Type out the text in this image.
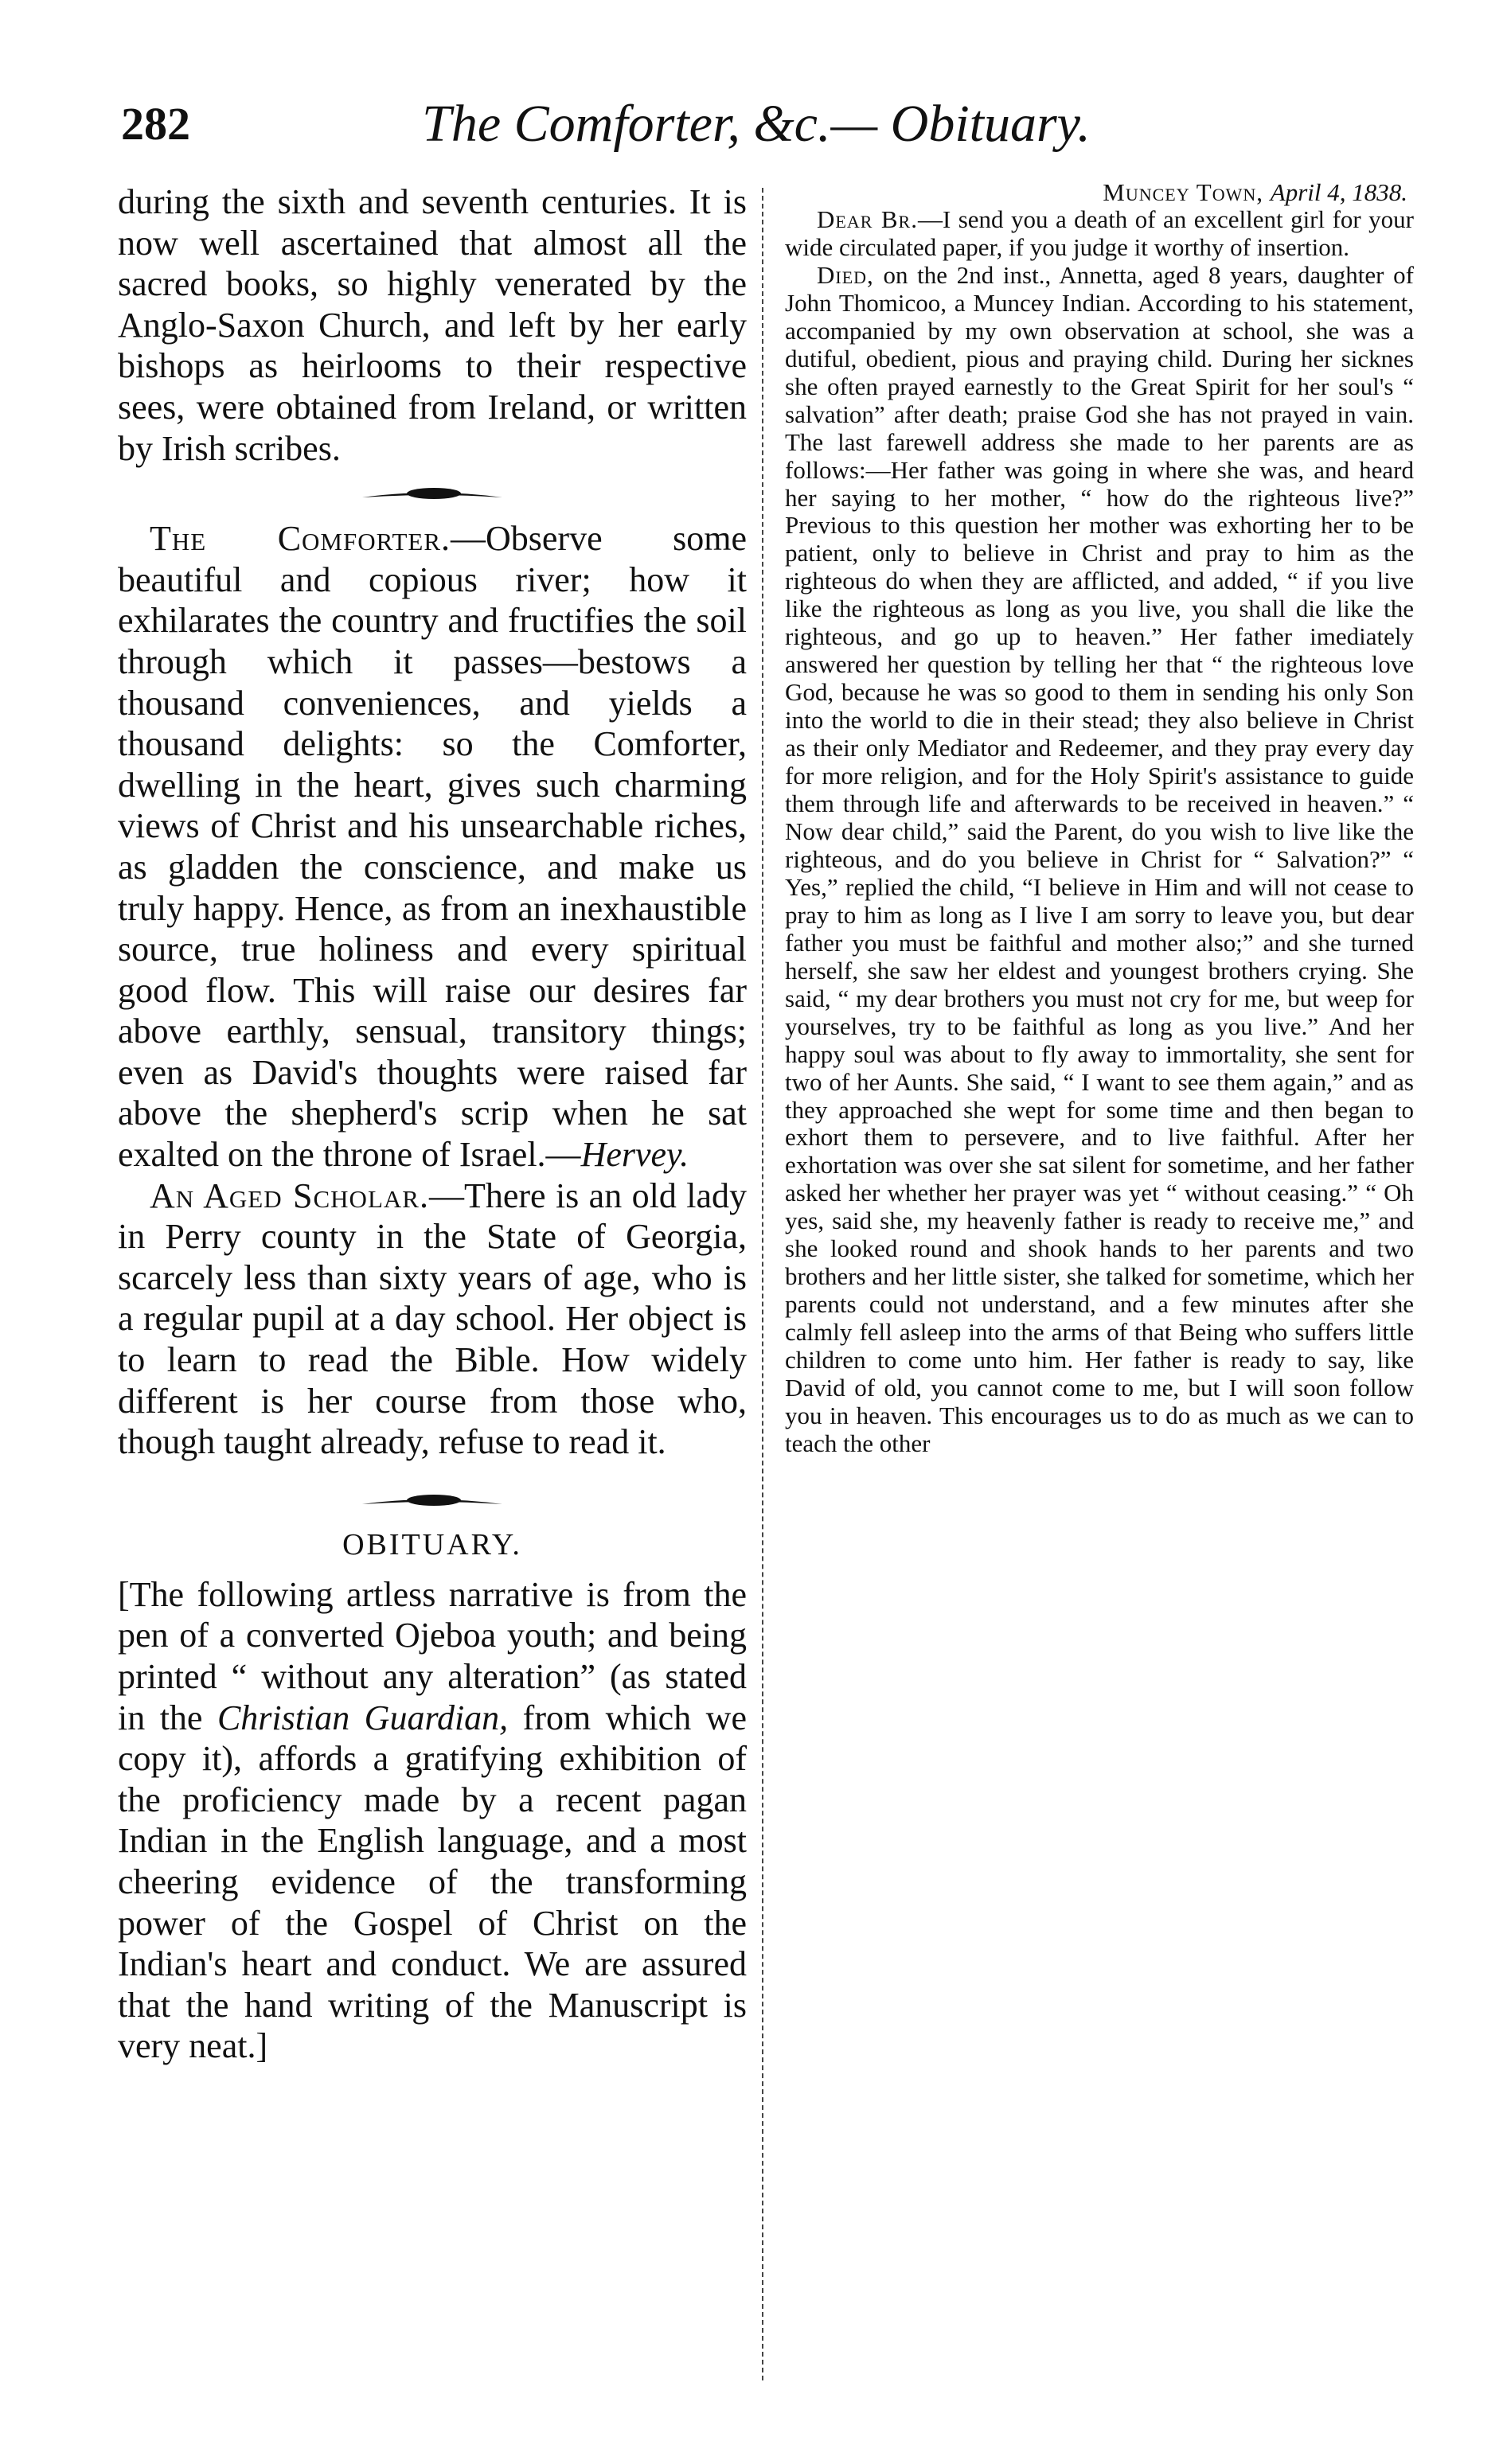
282	The Comforter, &c.— Obituary.

during the sixth and seventh centuries. It is now well ascertained that almost all the sacred books, so highly venerated by the Anglo-Saxon Church, and left by her early bishops as heirlooms to their respective sees, were obtained from Ireland, or written by Irish scribes.

The Comforter.—Observe some beautiful and copious river; how it exhilarates the country and fructifies the soil through which it passes—bestows a thousand conveniences, and yields a thousand delights: so the Comforter, dwelling in the heart, gives such charming views of Christ and his unsearchable riches, as gladden the conscience, and make us truly happy. Hence, as from an inexhaustible source, true holiness and every spiritual good flow. This will raise our desires far above earthly, sensual, transitory things; even as David's thoughts were raised far above the shepherd's scrip when he sat exalted on the throne of Israel.—Hervey.

An Aged Scholar.—There is an old lady in Perry county in the State of Georgia, scarcely less than sixty years of age, who is a regular pupil at a day school. Her object is to learn to read the Bible. How widely different is her course from those who, though taught already, refuse to read it.

OBITUARY.

[The following artless narrative is from the pen of a converted Ojeboa youth; and being printed “ without any alteration” (as stated in the Christian Guardian, from which we copy it), affords a gratifying exhibition of the proficiency made by a recent pagan Indian in the English language, and a most cheering evidence of the transforming power of the Gospel of Christ on the Indian's heart and conduct. We are assured that the hand writing of the Manuscript is very neat.]

Muncey Town, April 4, 1838.

Dear Br.—I send you a death of an excellent girl for your wide circulated paper, if you judge it worthy of insertion.

Died, on the 2nd inst., Annetta, aged 8 years, daughter of John Thomicoo, a Muncey Indian. According to his statement, accompanied by my own observation at school, she was a dutiful, obedient, pious and praying child. During her sicknes she often prayed earnestly to the Great Spirit for her soul's “ salvation” after death; praise God she has not prayed in vain. The last farewell address she made to her parents are as follows:—Her father was going in where she was, and heard her saying to her mother, “ how do the righteous live?” Previous to this question her mother was exhorting her to be patient, only to believe in Christ and pray to him as the righteous do when they are afflicted, and added, “ if you live like the righteous as long as you live, you shall die like the righteous, and go up to heaven.” Her father imediately answered her question by telling her that “ the righteous love God, because he was so good to them in sending his only Son into the world to die in their stead; they also believe in Christ as their only Mediator and Redeemer, and they pray every day for more religion, and for the Holy Spirit's assistance to guide them through life and afterwards to be received in heaven.” “ Now dear child,” said the Parent, do you wish to live like the righteous, and do you believe in Christ for “ Salvation?” “ Yes,” replied the child, “I believe in Him and will not cease to pray to him as long as I live I am sorry to leave you, but dear father you must be faithful and mother also;” and she turned herself, she saw her eldest and youngest brothers crying. She said, “ my dear brothers you must not cry for me, but weep for yourselves, try to be faithful as long as you live.” And her happy soul was about to fly away to immortality, she sent for two of her Aunts. She said, “ I want to see them again,” and as they approached she wept for some time and then began to exhort them to persevere, and to live faithful. After her exhortation was over she sat silent for sometime, and her father asked her whether her prayer was yet “ without ceasing.” “ Oh yes, said she, my heavenly father is ready to receive me,” and she looked round and shook hands to her parents and two brothers and her little sister, she talked for sometime, which her parents could not understand, and a few minutes after she calmly fell asleep into the arms of that Being who suffers little children to come unto him. Her father is ready to say, like David of old, you cannot come to me, but I will soon follow you in heaven. This encourages us to do as much as we can to teach the other
